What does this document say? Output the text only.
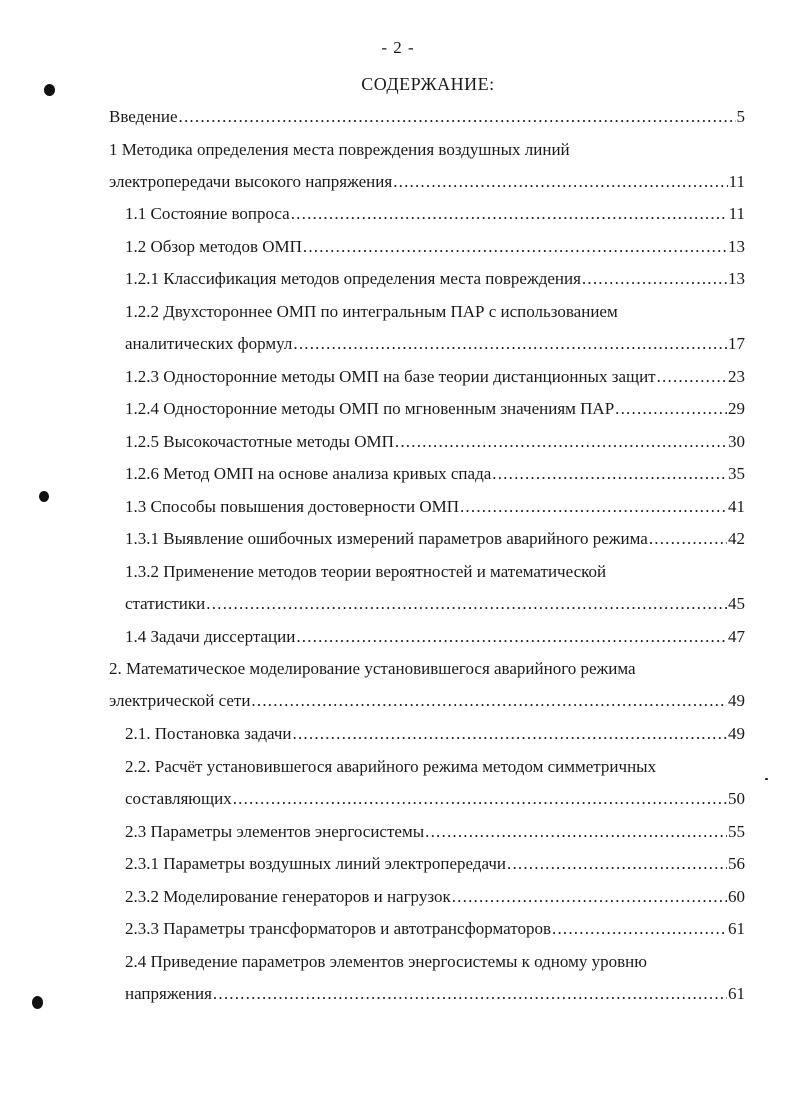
- 2 -
СОДЕРЖАНИЕ:
Введение .....	5
1 Методика определения места повреждения воздушных линий
электропередачи высокого напряжения .....	11
1.1 Состояние вопроса .....	11
1.2 Обзор методов ОМП .....	13
1.2.1 Классификация методов определения места повреждения .....	13
1.2.2 Двухстороннее ОМП по интегральным ПАР с использованием
аналитических формул .....	17
1.2.3 Односторонние методы ОМП на базе теории дистанционных защит .....	23
1.2.4 Односторонние методы ОМП по мгновенным значениям ПАР .....	29
1.2.5 Высокочастотные методы ОМП .....	30
1.2.6 Метод ОМП на основе анализа кривых спада .....	35
1.3 Способы повышения достоверности ОМП .....	41
1.3.1 Выявление ошибочных измерений параметров аварийного режима .....	42
1.3.2 Применение методов теории вероятностей и математической
статистики .....	45
1.4 Задачи диссертации .....	47
2. Математическое моделирование установившегося аварийного режима
электрической сети .....	49
2.1. Постановка задачи .....	49
2.2. Расчёт установившегося аварийного режима методом симметричных
составляющих .....	50
2.3 Параметры элементов энергосистемы .....	55
2.3.1 Параметры воздушных линий электропередачи .....	56
2.3.2 Моделирование генераторов и нагрузок .....	60
2.3.3 Параметры трансформаторов и автотрансформаторов .....	61
2.4 Приведение параметров элементов энергосистемы к одному уровню
напряжения .....	61
